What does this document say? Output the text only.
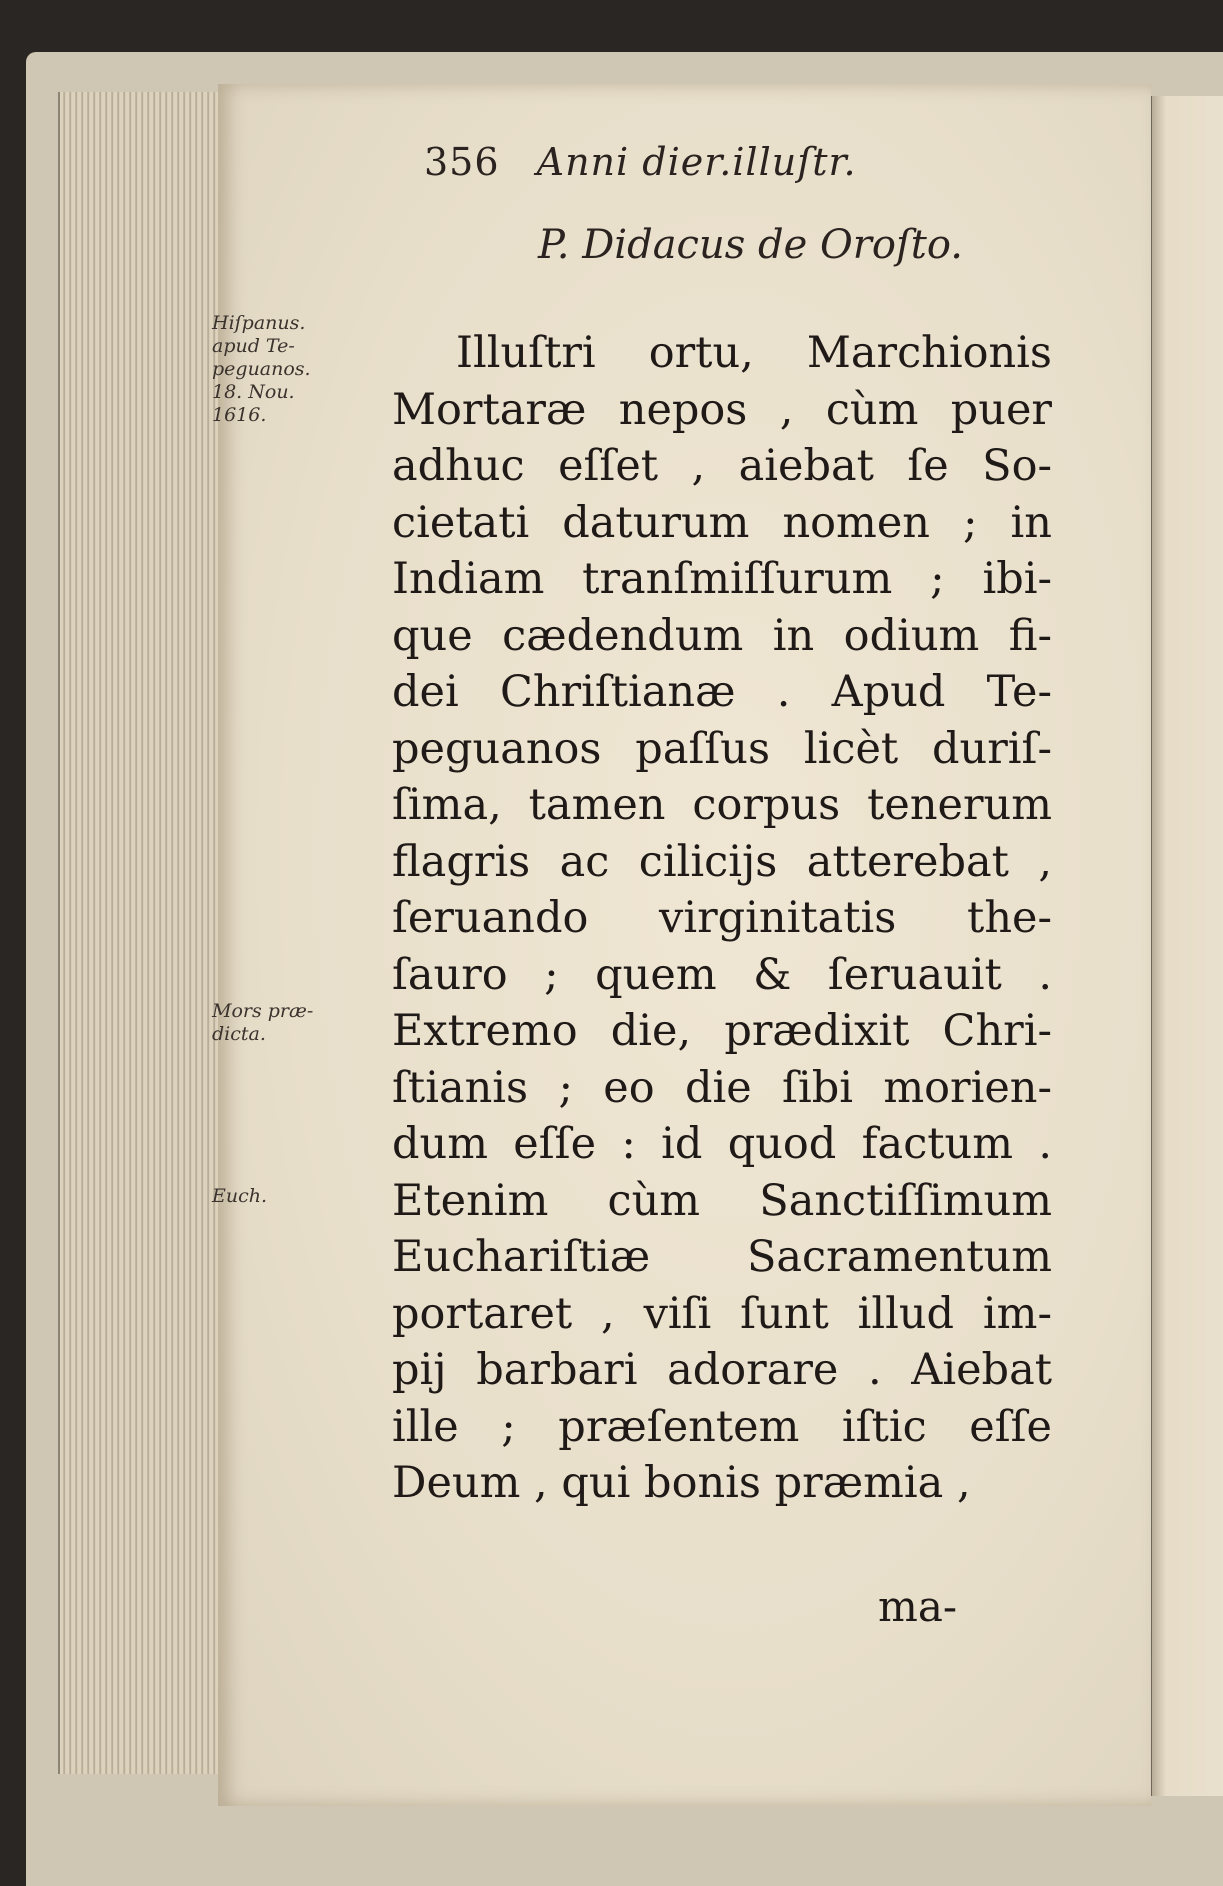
356 Anni dier.illuſtr.
P. Didacus de Oroſto.
Hiſpanus.
apud Te-
peguanos.
18. Nou.
1616.
Mors præ-
dicta.
Euch.
Illuſtri ortu, Marchionis
Mortaræ nepos , cùm puer
adhuc eſſet , aiebat ſe So-
cietati daturum nomen ; in
Indiam tranſmiſſurum ; ibi-
que cædendum in odium fi-
dei Chriſtianæ . Apud Te-
peguanos paſſus licèt duriſ-
ſima, tamen corpus tenerum
flagris ac cilicijs atterebat ,
ſeruando virginitatis the-
ſauro ; quem & ſeruauit .
Extremo die, prædixit Chri-
ſtianis ; eo die ſibi morien-
dum eſſe : id quod factum .
Etenim cùm Sanctiſſimum
Euchariſtiæ Sacramentum
portaret , viſi ſunt illud im-
pij barbari adorare . Aiebat
ille ; præſentem iſtic eſſe
Deum , qui bonis præmia ,
ma-
